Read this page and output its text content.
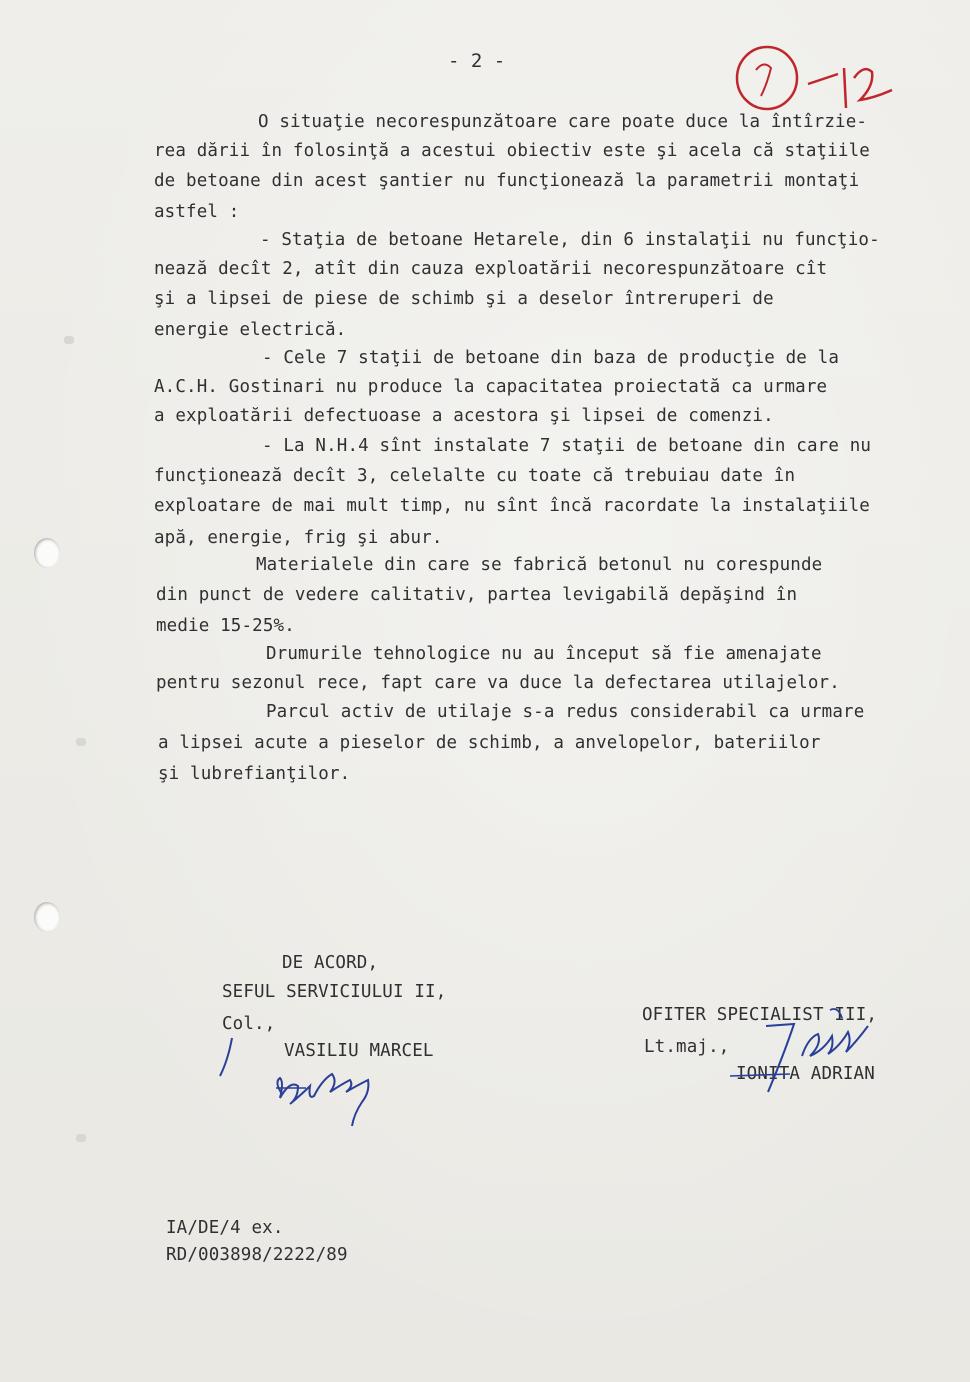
- 2 -
O situaţie necorespunzătoare care poate duce la întîrzie-
rea dării în folosinţă a acestui obiectiv este şi acela că staţiile
de betoane din acest şantier nu funcţionează la parametrii montaţi
astfel :
- Staţia de betoane Hetarele, din 6 instalaţii nu funcţio-
nează decît 2, atît din cauza exploatării necorespunzătoare cît
şi a lipsei de piese de schimb şi a deselor întreruperi de
energie electrică.
- Cele 7 staţii de betoane din baza de producţie de la
A.C.H. Gostinari nu produce la capacitatea proiectată ca urmare
a exploatării defectuoase a acestora şi lipsei de comenzi.
- La N.H.4 sînt instalate 7 staţii de betoane din care nu
funcţionează decît 3, celelalte cu toate că trebuiau date în
exploatare de mai mult timp, nu sînt încă racordate la instalaţiile
apă, energie, frig şi abur.
Materialele din care se fabrică betonul nu corespunde
din punct de vedere calitativ, partea levigabilă depăşind în
medie 15-25%.
Drumurile tehnologice nu au început să fie amenajate
pentru sezonul rece, fapt care va duce la defectarea utilajelor.
Parcul activ de utilaje s-a redus considerabil ca urmare
a lipsei acute a pieselor de schimb, a anvelopelor, bateriilor
şi lubrefianţilor.
DE ACORD,
SEFUL SERVICIULUI II,
Col.,
VASILIU MARCEL
OFITER SPECIALIST III,
Lt.maj.,
IONITA ADRIAN
IA/DE/4 ex.
RD/003898/2222/89
